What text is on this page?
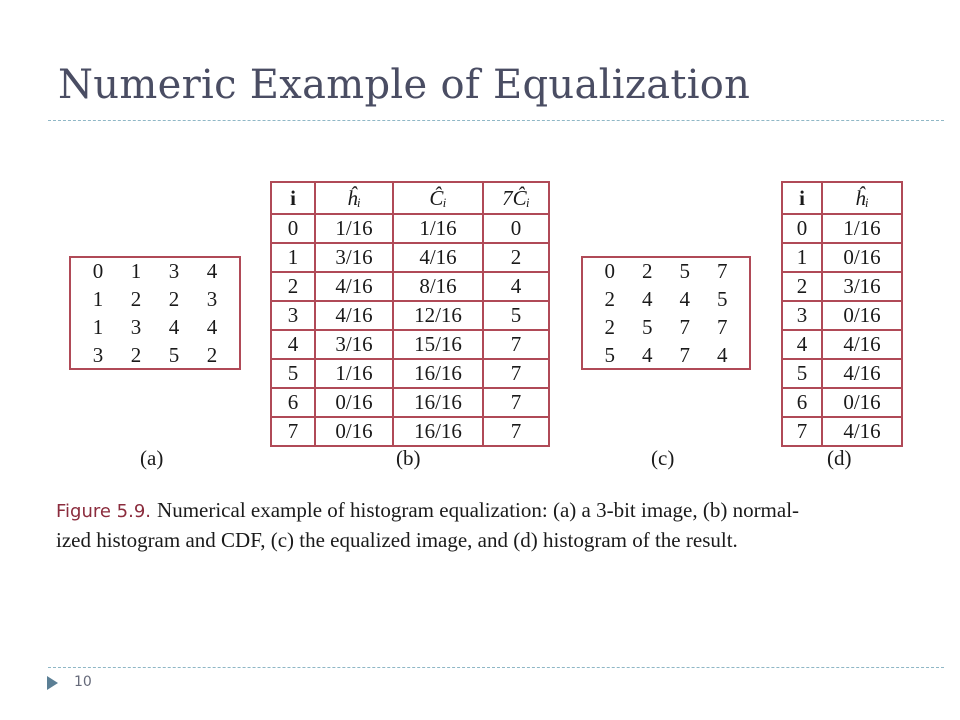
Numeric Example of Equalization
0	1	3	4
1	2	2	3
1	3	4	4
3	2	5	2
i	ĥᵢ	Ĉᵢ	7Ĉᵢ
0	1/16	1/16	0
1	3/16	4/16	2
2	4/16	8/16	4
3	4/16	12/16	5
4	3/16	15/16	7
5	1/16	16/16	7
6	0/16	16/16	7
7	0/16	16/16	7
0	2	5	7
2	4	4	5
2	5	7	7
5	4	7	4
i	ĥᵢ
0	1/16
1	0/16
2	3/16
3	0/16
4	4/16
5	4/16
6	0/16
7	4/16
(a)	(b)	(c)	(d)
Figure 5.9. Numerical example of histogram equalization: (a) a 3-bit image, (b) normal-
ized histogram and CDF, (c) the equalized image, and (d) histogram of the result.
10
